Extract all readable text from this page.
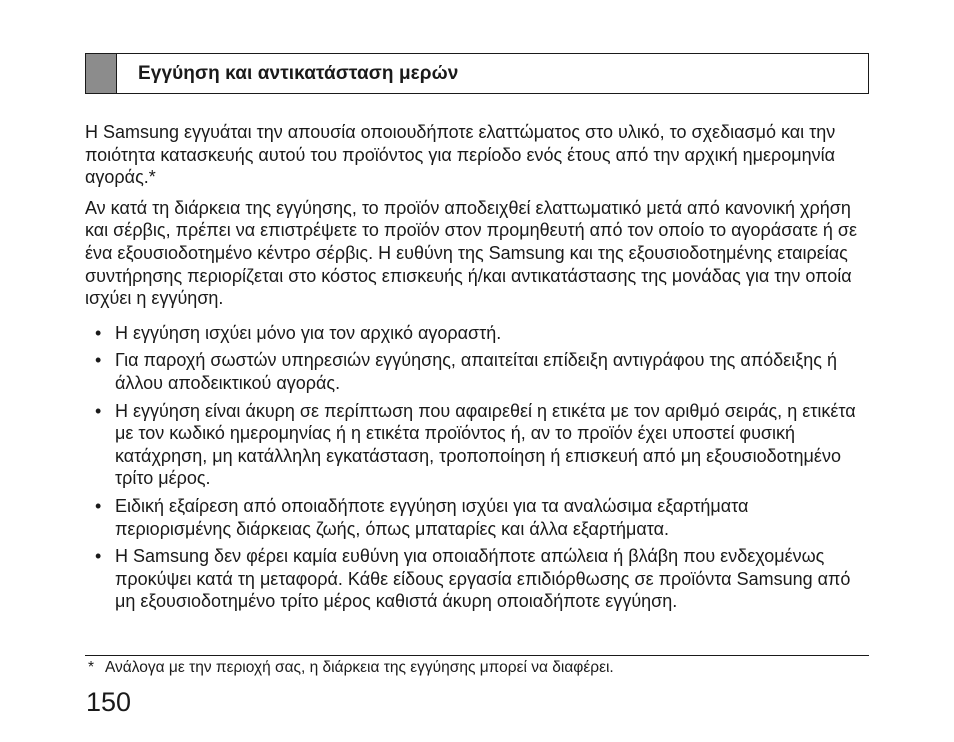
Εγγύηση και αντικατάσταση μερών

Η Samsung εγγυάται την απουσία οποιουδήποτε ελαττώματος στο υλικό, το σχεδιασμό και την ποιότητα κατασκευής αυτού του προϊόντος για περίοδο ενός έτους από την αρχική ημερομηνία αγοράς.*

Αν κατά τη διάρκεια της εγγύησης, το προϊόν αποδειχθεί ελαττωματικό μετά από κανονική χρήση και σέρβις, πρέπει να επιστρέψετε το προϊόν στον προμηθευτή από τον οποίο το αγοράσατε ή σε ένα εξουσιοδοτημένο κέντρο σέρβις. Η ευθύνη της Samsung και της εξουσιοδοτημένης εταιρείας συντήρησης περιορίζεται στο κόστος επισκευής ή/και αντικατάστασης της μονάδας για την οποία ισχύει η εγγύηση.

• Η εγγύηση ισχύει μόνο για τον αρχικό αγοραστή.
• Για παροχή σωστών υπηρεσιών εγγύησης, απαιτείται επίδειξη αντιγράφου της απόδειξης ή άλλου αποδεικτικού αγοράς.
• Η εγγύηση είναι άκυρη σε περίπτωση που αφαιρεθεί η ετικέτα με τον αριθμό σειράς, η ετικέτα με τον κωδικό ημερομηνίας ή η ετικέτα προϊόντος ή, αν το προϊόν έχει υποστεί φυσική κατάχρηση, μη κατάλληλη εγκατάσταση, τροποποίηση ή επισκευή από μη εξουσιοδοτημένο τρίτο μέρος.
• Ειδική εξαίρεση από οποιαδήποτε εγγύηση ισχύει για τα αναλώσιμα εξαρτήματα περιορισμένης διάρκειας ζωής, όπως μπαταρίες και άλλα εξαρτήματα.
• Η Samsung δεν φέρει καμία ευθύνη για οποιαδήποτε απώλεια ή βλάβη που ενδεχομένως προκύψει κατά τη μεταφορά. Κάθε είδους εργασία επιδιόρθωσης σε προϊόντα Samsung από μη εξουσιοδοτημένο τρίτο μέρος καθιστά άκυρη οποιαδήποτε εγγύηση.
* Ανάλογα με την περιοχή σας, η διάρκεια της εγγύησης μπορεί να διαφέρει.
150
